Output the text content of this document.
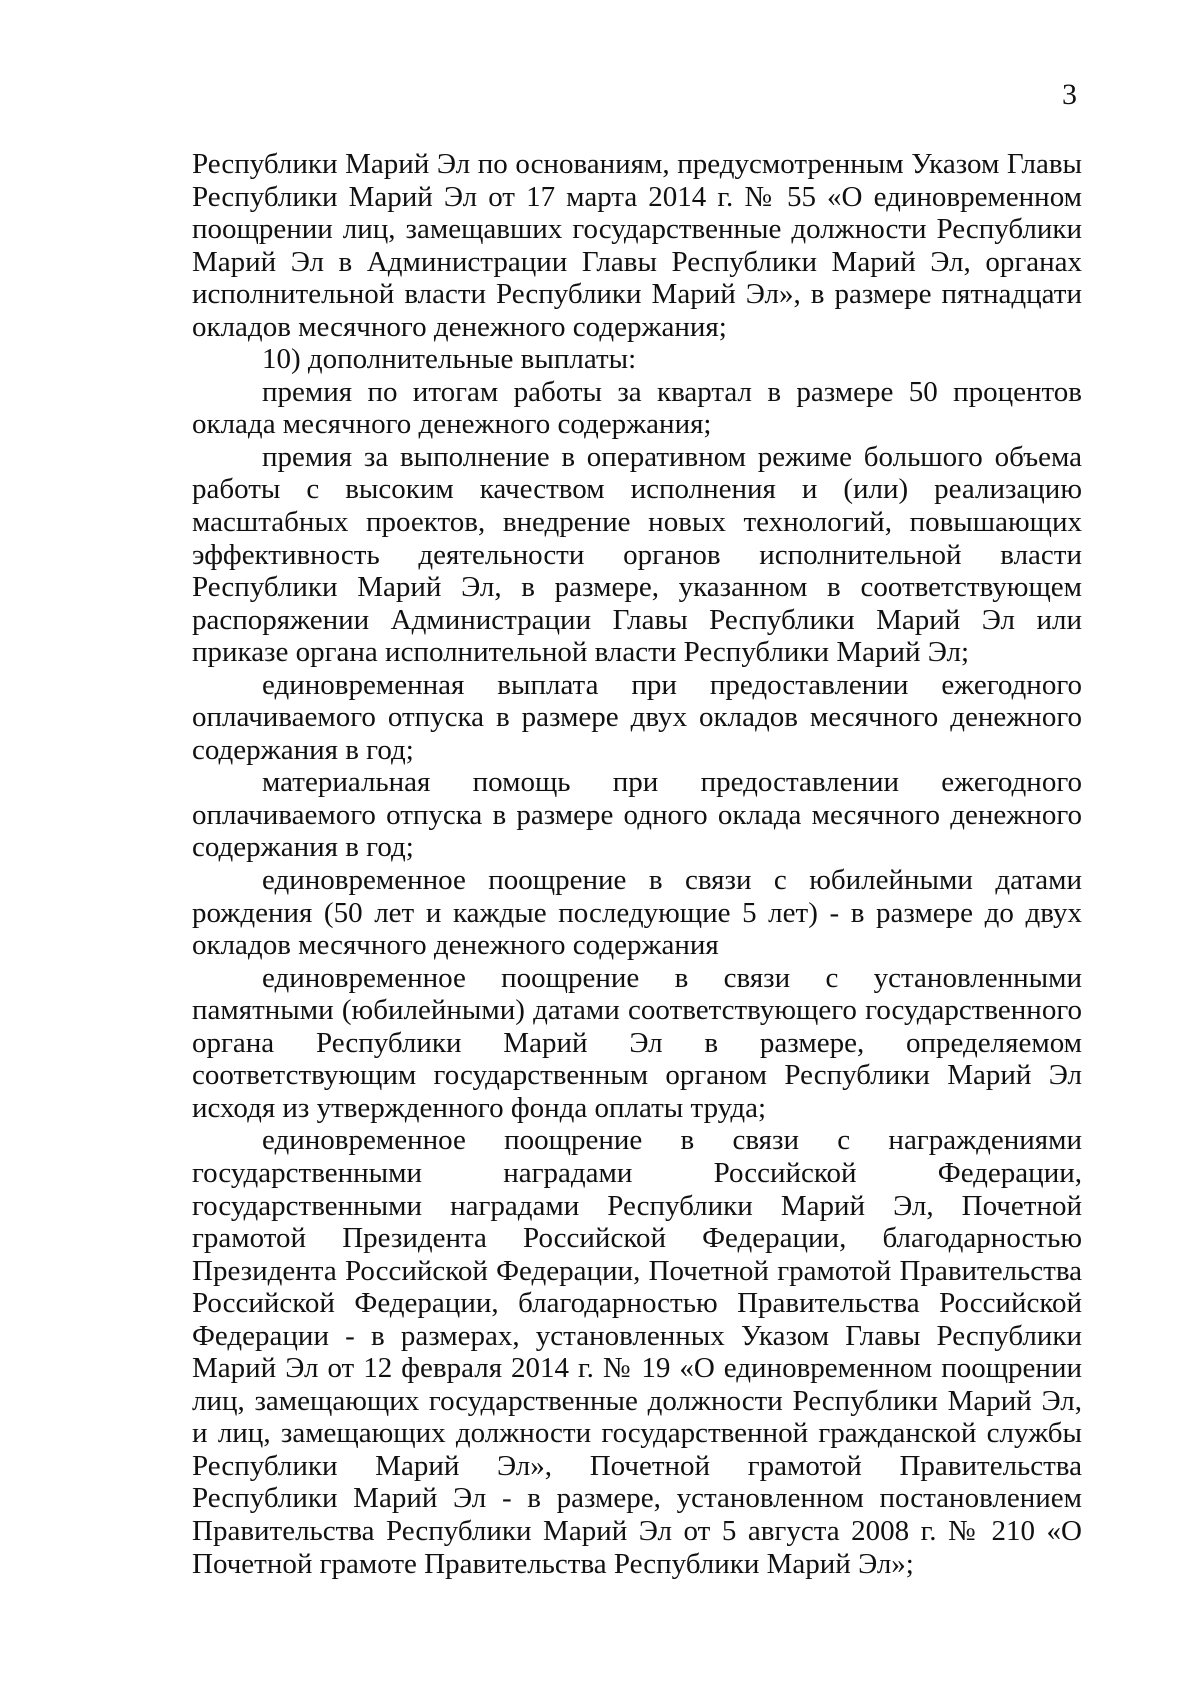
3

Республики Марий Эл по основаниям, предусмотренным Указом Главы Республики Марий Эл от 17 марта 2014 г. № 55 «О единовременном поощрении лиц, замещавших государственные должности Республики Марий Эл в Администрации Главы Республики Марий Эл, органах исполнительной власти Республики Марий Эл», в размере пятнадцати окладов месячного денежного содержания;

10) дополнительные выплаты:

премия по итогам работы за квартал в размере 50 процентов оклада месячного денежного содержания;

премия за выполнение в оперативном режиме большого объема работы с высоким качеством исполнения и (или) реализацию масштабных проектов, внедрение новых технологий, повышающих эффективность деятельности органов исполнительной власти Республики Марий Эл, в размере, указанном в соответствующем распоряжении Администрации Главы Республики Марий Эл или приказе органа исполнительной власти Республики Марий Эл;

единовременная выплата при предоставлении ежегодного оплачиваемого отпуска в размере двух окладов месячного денежного содержания в год;

материальная помощь при предоставлении ежегодного оплачиваемого отпуска в размере одного оклада месячного денежного содержания в год;

единовременное поощрение в связи с юбилейными датами рождения (50 лет и каждые последующие 5 лет) - в размере до двух окладов месячного денежного содержания

единовременное поощрение в связи с установленными памятными (юбилейными) датами соответствующего государственного органа Республики Марий Эл в размере, определяемом соответствующим государственным органом Республики Марий Эл исходя из утвержденного фонда оплаты труда;

единовременное поощрение в связи с награждениями государственными наградами Российской Федерации, государственными наградами Республики Марий Эл, Почетной грамотой Президента Российской Федерации, благодарностью Президента Российской Федерации, Почетной грамотой Правительства Российской Федерации, благодарностью Правительства Российской Федерации - в размерах, установленных Указом Главы Республики Марий Эл от 12 февраля 2014 г. № 19 «О единовременном поощрении лиц, замещающих государственные должности Республики Марий Эл, и лиц, замещающих должности государственной гражданской службы Республики Марий Эл», Почетной грамотой Правительства Республики Марий Эл - в размере, установленном постановлением Правительства Республики Марий Эл от 5 августа 2008 г. № 210 «О Почетной грамоте Правительства Республики Марий Эл»;
